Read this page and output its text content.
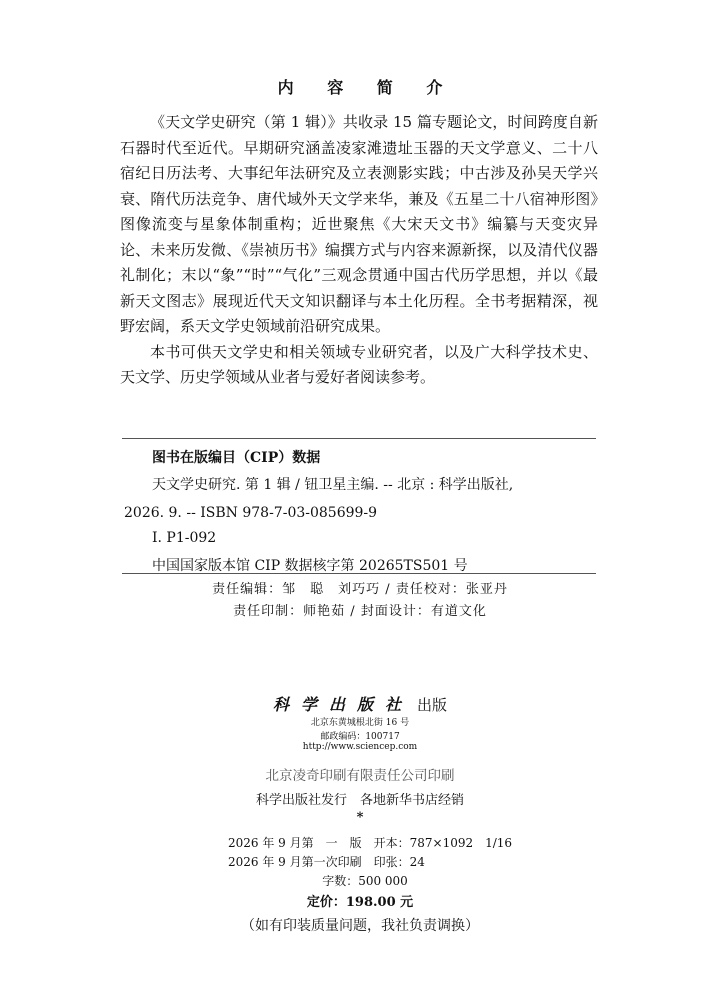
内 容 简 介

《天文学史研究（第 1 辑）》共收录 15 篇专题论文，时间跨度自新石器时代至近代。早期研究涵盖凌家滩遗址玉器的天文学意义、二十八宿纪日历法考、大事纪年法研究及立表测影实践；中古涉及孙吴天学兴衰、隋代历法竞争、唐代域外天文学来华，兼及《五星二十八宿神形图》图像流变与星象体制重构；近世聚焦《大宋天文书》编纂与天变灾异论、未来历发微、《崇祯历书》编撰方式与内容来源新探，以及清代仪器礼制化；末以“象”“时”“气化”三观念贯通中国古代历学思想，并以《最新天文图志》展现近代天文知识翻译与本土化历程。全书考据精深，视野宏阔，系天文学史领域前沿研究成果。

本书可供天文学史和相关领域专业研究者，以及广大科学技术史、天文学、历史学领域从业者与爱好者阅读参考。

图书在版编目（CIP）数据
天文学史研究. 第 1 辑 / 钮卫星主编. -- 北京 : 科学出版社,
2026. 9. -- ISBN 978-7-03-085699-9
Ⅰ. P1-092
中国国家版本馆 CIP 数据核字第 20265TS501 号
责任编辑：邹　聪　刘巧巧 / 责任校对：张亚丹
责任印制：师艳茹 / 封面设计：有道文化
科学出版社 出版
北京东黄城根北街 16 号
邮政编码：100717
http://www.sciencep.com
北京凌奇印刷有限责任公司印刷
科学出版社发行　各地新华书店经销
*
2026 年 9 月第　一　版　开本：787×1092　1/16
2026 年 9 月第一次印刷　印张：24
字数：500 000
定价：198.00 元
（如有印装质量问题，我社负责调换）
